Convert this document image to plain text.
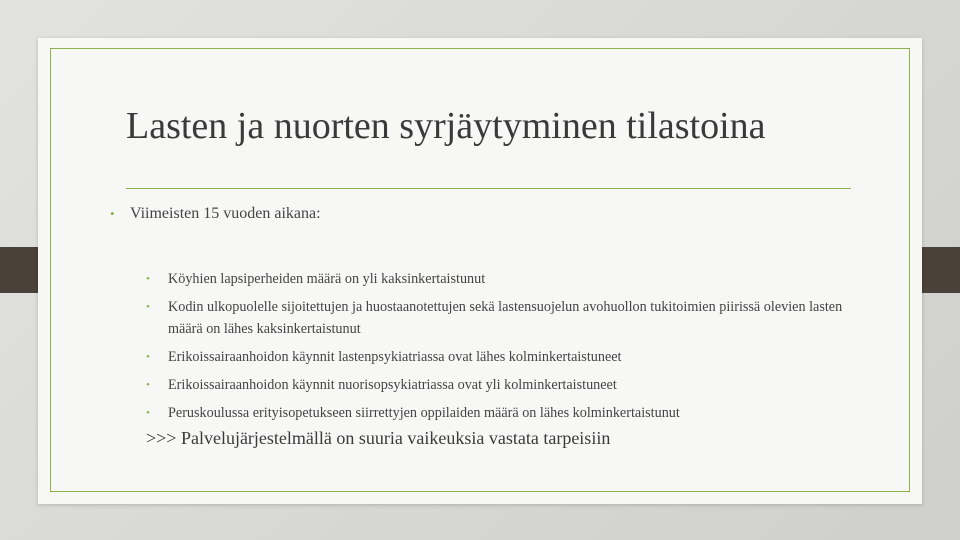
Lasten ja nuorten syrjäytyminen tilastoina
• Viimeisten 15 vuoden aikana:
• Köyhien lapsiperheiden määrä on yli kaksinkertaistunut
• Kodin ulkopuolelle sijoitettujen ja huostaanotettujen sekä lastensuojelun avohuollon tukitoimien piirissä olevien lasten määrä on lähes kaksinkertaistunut
• Erikoissairaanhoidon käynnit lastenpsykiatriassa ovat lähes kolminkertaistuneet
• Erikoissairaanhoidon käynnit nuorisopsykiatriassa ovat yli kolminkertaistuneet
• Peruskoulussa erityisopetukseen siirrettyjen oppilaiden määrä on lähes kolminkertaistunut
>>> Palvelujärjestelmällä on suuria vaikeuksia vastata tarpeisiin
